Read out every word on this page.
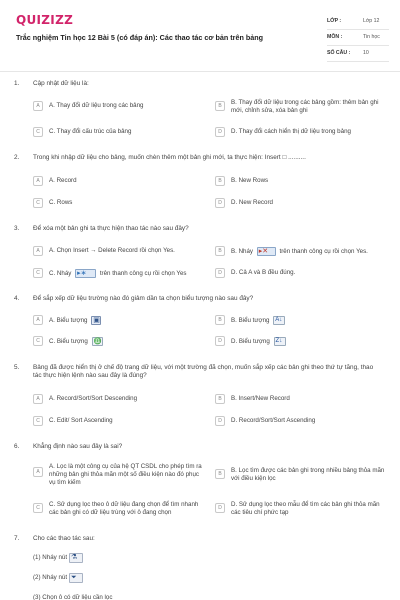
QUIZIZZ
Trắc nghiệm Tin học 12 Bài 5 (có đáp án): Các thao tác cơ bản trên bảng
LỚP :	Lớp 12
MÔN :	Tin học
SỐ CÂU : 10
1. Cập nhật dữ liệu là:
A	A. Thay đổi dữ liệu trong các bảng	B	B. Thay đổi dữ liệu trong các bảng gồm: thêm bản ghi mới, chỉnh sửa, xóa bản ghi
C	C. Thay đổi cấu trúc của bảng	D	D. Thay đổi cách hiển thị dữ liệu trong bảng
2. Trong khi nhập dữ liệu cho bảng, muốn chèn thêm một bản ghi mới, ta thực hiện: Insert □ ..........
A	A. Record	B	B. New Rows
C	C. Rows	D	D. New Record
3. Để xóa một bản ghi ta thực hiện thao tác nào sau đây?
A	A. Chọn Insert → Delete Record rồi chọn Yes.	B	B. Nháy ▸✕ trên thanh công cụ rồi chọn Yes.
C	C. Nháy ▸∗ trên thanh công cụ rồi chọn Yes	D	D. Cả A và B đều đúng.
4. Để sắp xếp dữ liệu trường nào đó giảm dần ta chọn biểu tượng nào sau đây?
A	A. Biểu tượng ▣	B	B. Biểu tượng A↓
C	C. Biểu tượng ♎	D	D. Biểu tượng Z↓
5. Bảng đã được hiển thị ở chế độ trang dữ liệu, với một trường đã chọn, muốn sắp xếp các bản ghi theo thứ tự tăng, thao tác thực hiện lệnh nào sau đây là đúng?
A	A. Record/Sort/Sort Descending	B	B. Insert/New Record
C	C. Edit/ Sort Ascending	D	D. Record/Sort/Sort Ascending
6. Khẳng định nào sau đây là sai?
A
A. Lọc là một công cụ của hệ QT CSDL cho phép tìm ra những bản ghi thỏa mãn một số điều kiện nào đó phục vụ tìm kiếm
B	B. Lọc tìm được các bản ghi trong nhiều bảng thỏa mãn với điều kiện lọc
C	C. Sử dụng lọc theo ô dữ liệu đang chọn để tìm nhanh các bản ghi có dữ liệu trùng với ô đang chọn
D	D. Sử dụng lọc theo mẫu để tìm các bản ghi thỏa mãn các tiêu chí phức tạp
7. Cho các thao tác sau:
(1) Nháy nút ⚗
(2) Nháy nút ⏷
(3) Chọn ô có dữ liệu cần lọc
